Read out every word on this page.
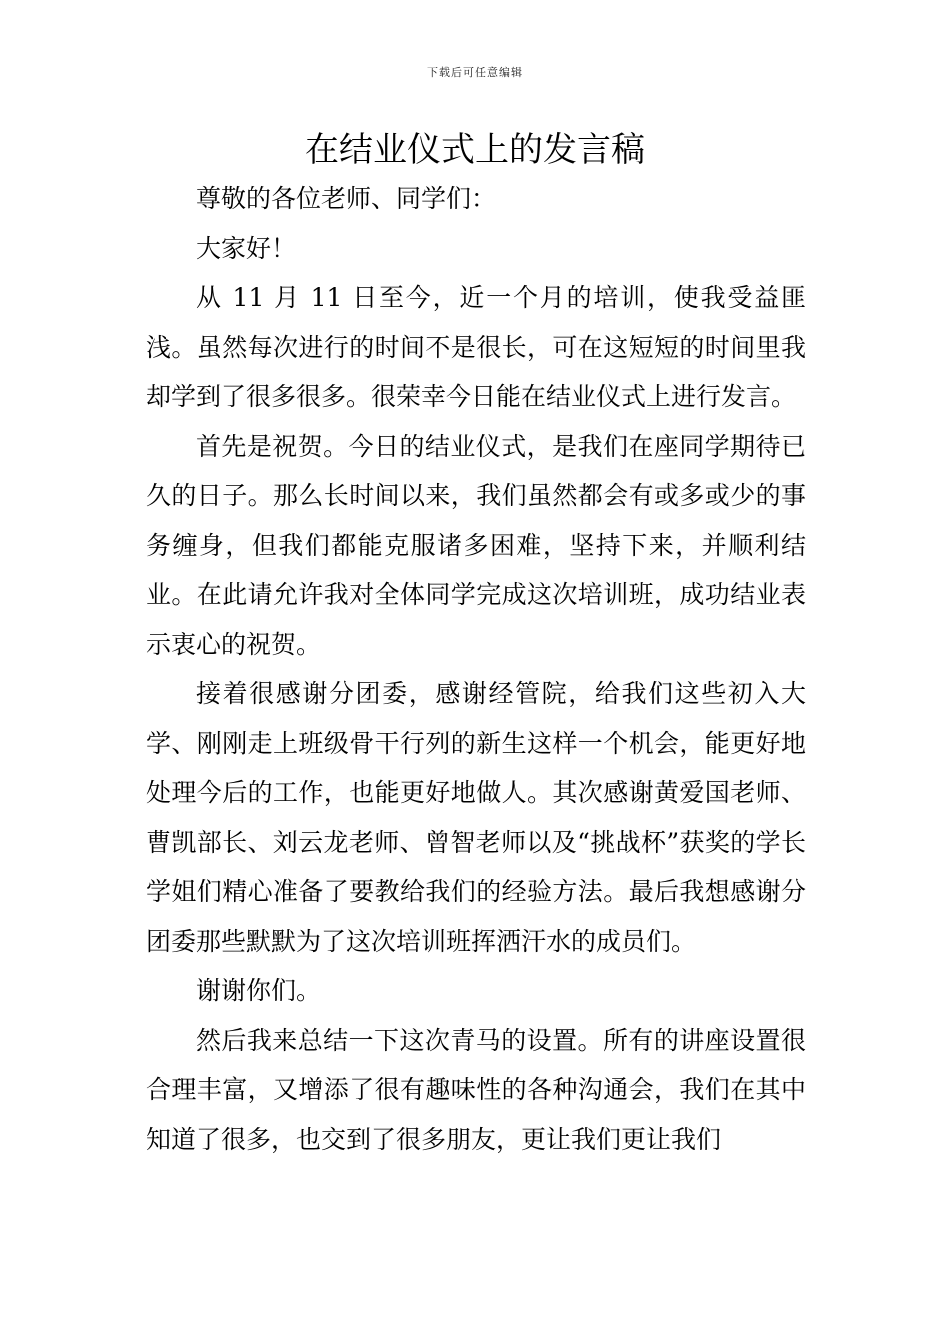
下载后可任意编辑
在结业仪式上的发言稿

尊敬的各位老师、同学们：

大家好！

从 11 月 11 日至今，近一个月的培训，使我受益匪浅。虽然每次进行的时间不是很长，可在这短短的时间里我却学到了很多很多。很荣幸今日能在结业仪式上进行发言。

首先是祝贺。今日的结业仪式，是我们在座同学期待已久的日子。那么长时间以来，我们虽然都会有或多或少的事务缠身，但我们都能克服诸多困难，坚持下来，并顺利结业。在此请允许我对全体同学完成这次培训班，成功结业表示衷心的祝贺。

接着很感谢分团委，感谢经管院，给我们这些初入大学、刚刚走上班级骨干行列的新生这样一个机会，能更好地处理今后的工作，也能更好地做人。其次感谢黄爱国老师、曹凯部长、刘云龙老师、曾智老师以及“挑战杯”获奖的学长学姐们精心准备了要教给我们的经验方法。最后我想感谢分团委那些默默为了这次培训班挥洒汗水的成员们。

谢谢你们。

然后我来总结一下这次青马的设置。所有的讲座设置很合理丰富，又增添了很有趣味性的各种沟通会，我们在其中知道了很多，也交到了很多朋友，更让我们更让我们
